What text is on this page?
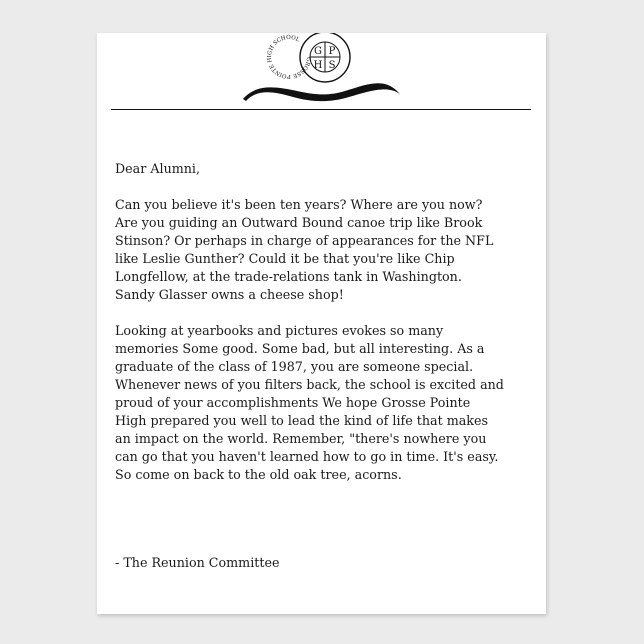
GROSSE POINTE HIGH SCHOOL
G P
H S
Dear Alumni,
Can you believe it's been ten years? Where are you now?
Are you guiding an Outward Bound canoe trip like Brook
Stinson? Or perhaps in charge of appearances for the NFL
like Leslie Gunther? Could it be that you're like Chip
Longfellow, at the trade-relations tank in Washington.
Sandy Glasser owns a cheese shop!
Looking at yearbooks and pictures evokes so many
memories Some good. Some bad, but all interesting. As a
graduate of the class of 1987, you are someone special.
Whenever news of you filters back, the school is excited and
proud of your accomplishments We hope Grosse Pointe
High prepared you well to lead the kind of life that makes
an impact on the world. Remember, "there's nowhere you
can go that you haven't learned how to go in time. It's easy.
So come on back to the old oak tree, acorns.
- The Reunion Committee
